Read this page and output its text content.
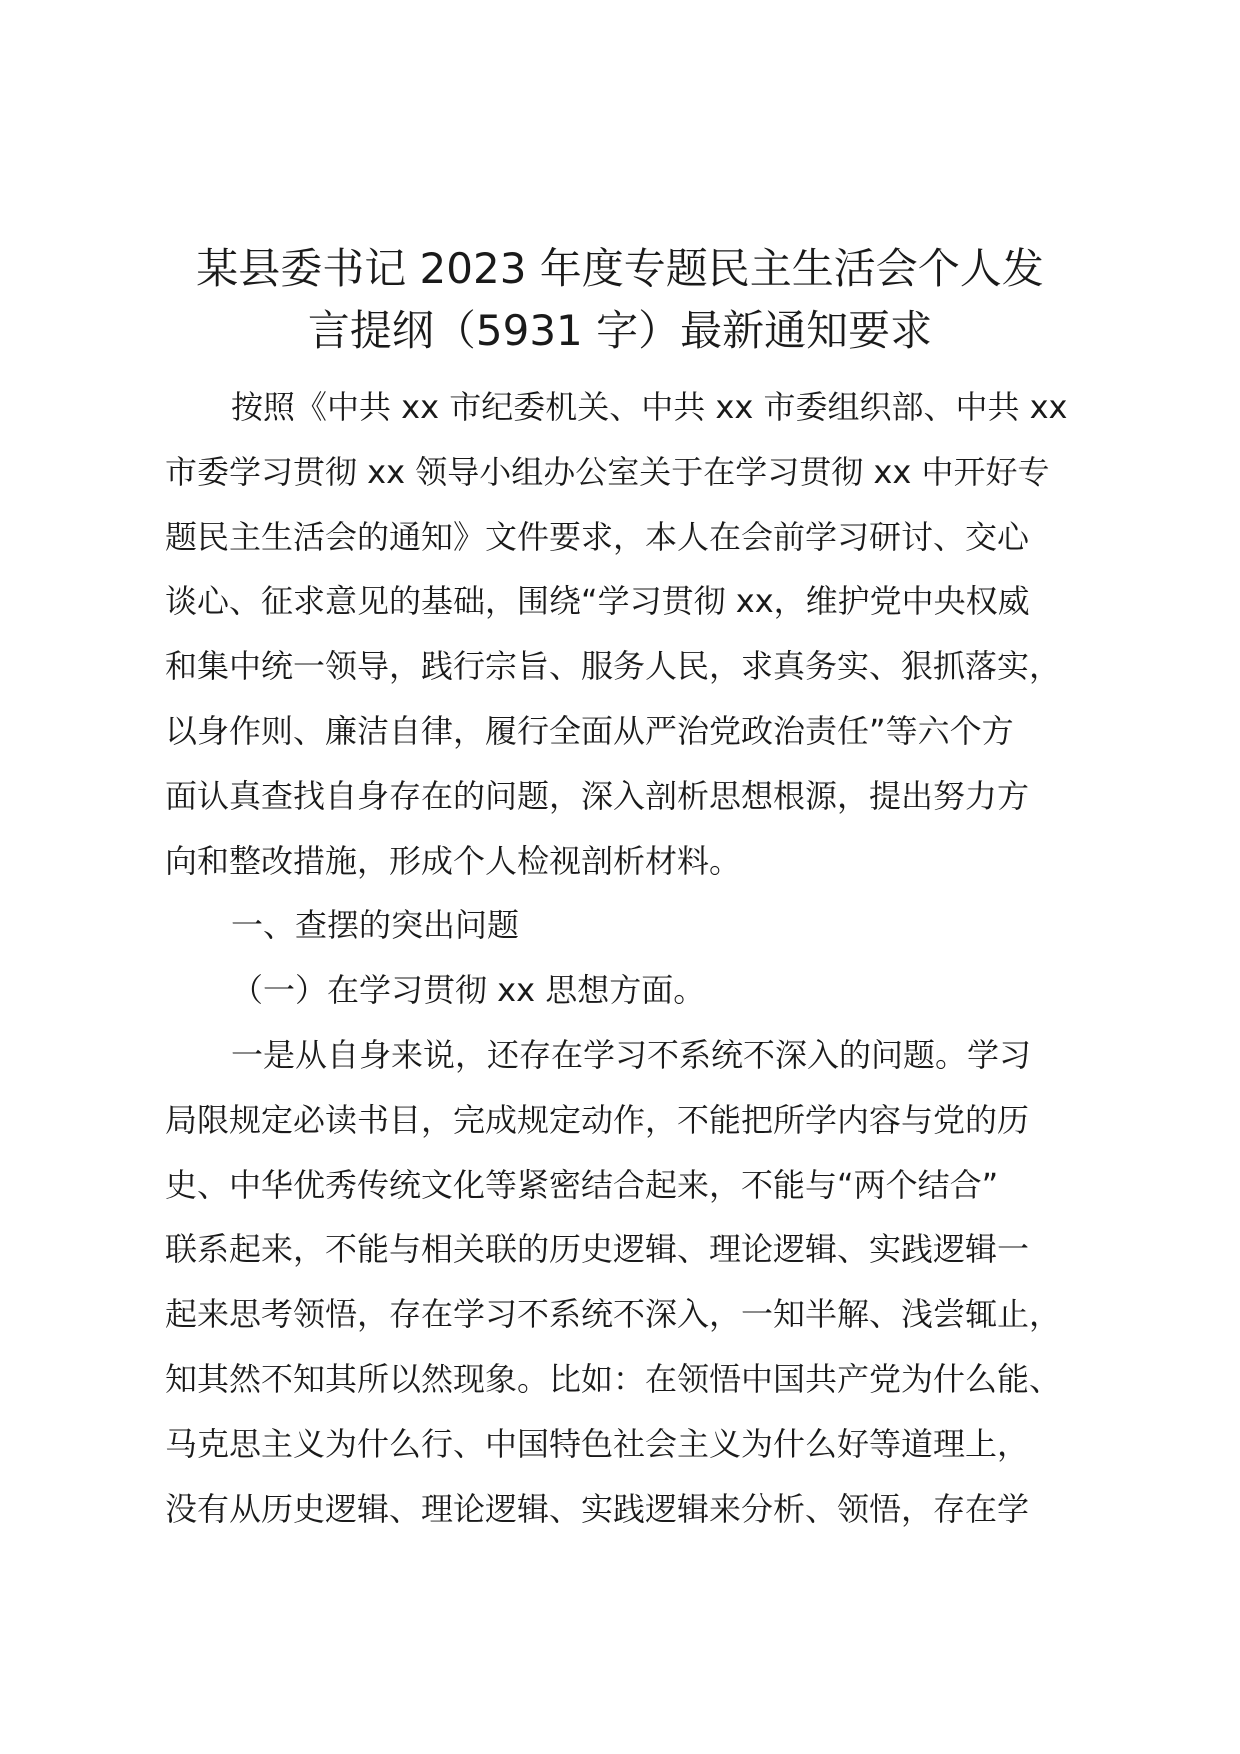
某县委书记 2023 年度专题民主生活会个人发
言提纲（5931 字）最新通知要求
按照《中共 xx 市纪委机关、中共 xx 市委组织部、中共 xx
市委学习贯彻 xx 领导小组办公室关于在学习贯彻 xx 中开好专
题民主生活会的通知》文件要求，本人在会前学习研讨、交心
谈心、征求意见的基础，围绕“学习贯彻 xx，维护党中央权威
和集中统一领导，践行宗旨、服务人民，求真务实、狠抓落实，
以身作则、廉洁自律，履行全面从严治党政治责任”等六个方
面认真查找自身存在的问题，深入剖析思想根源，提出努力方
向和整改措施，形成个人检视剖析材料。
一、查摆的突出问题
（一）在学习贯彻 xx 思想方面。
一是从自身来说，还存在学习不系统不深入的问题。学习
局限规定必读书目，完成规定动作，不能把所学内容与党的历
史、中华优秀传统文化等紧密结合起来，不能与“两个结合”
联系起来，不能与相关联的历史逻辑、理论逻辑、实践逻辑一
起来思考领悟，存在学习不系统不深入，一知半解、浅尝辄止，
知其然不知其所以然现象。比如：在领悟中国共产党为什么能、
马克思主义为什么行、中国特色社会主义为什么好等道理上，
没有从历史逻辑、理论逻辑、实践逻辑来分析、领悟，存在学
